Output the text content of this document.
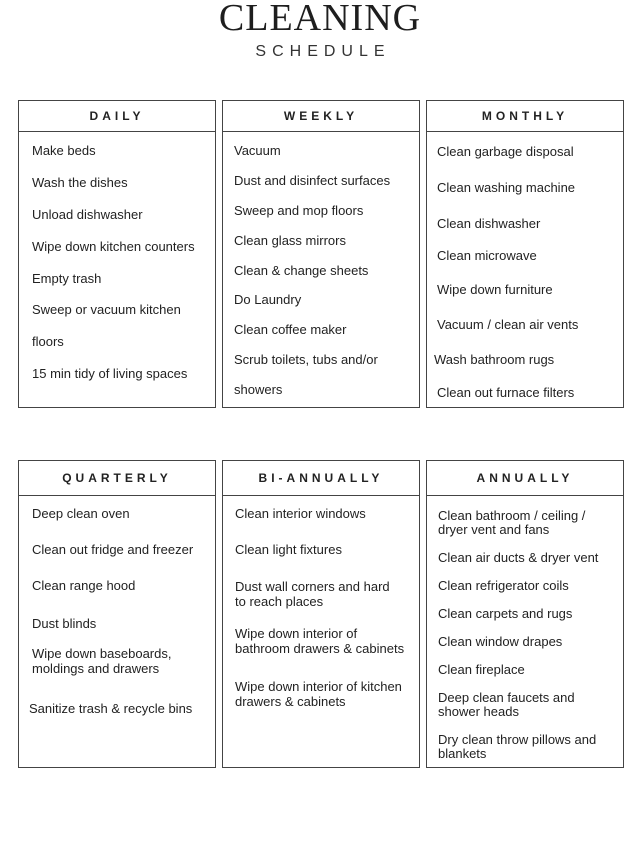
CLEANING
SCHEDULE
DAILY
Make beds
Wash the dishes
Unload dishwasher
Wipe down kitchen counters
Empty trash
Sweep or vacuum kitchen
floors
15 min tidy of living spaces
WEEKLY
Vacuum
Dust and disinfect surfaces
Sweep and mop floors
Clean glass mirrors
Clean & change sheets
Do Laundry
Clean coffee maker
Scrub toilets, tubs and/or
showers
MONTHLY
Clean garbage disposal
Clean washing machine
Clean dishwasher
Clean microwave
Wipe down furniture
Vacuum / clean air vents
Wash bathroom rugs
Clean out furnace filters
QUARTERLY
Deep clean oven
Clean out fridge and freezer
Clean range hood
Dust blinds
Wipe down baseboards,
moldings and drawers
Sanitize trash & recycle bins
BI-ANNUALLY
Clean interior windows
Clean light fixtures
Dust wall corners and hard
to reach places
Wipe down interior of
bathroom drawers & cabinets
Wipe down interior of kitchen
drawers & cabinets
ANNUALLY
Clean bathroom / ceiling /
dryer vent and fans
Clean air ducts & dryer vent
Clean refrigerator coils
Clean carpets and rugs
Clean window drapes
Clean fireplace
Deep clean faucets and
shower heads
Dry clean throw pillows and
blankets
